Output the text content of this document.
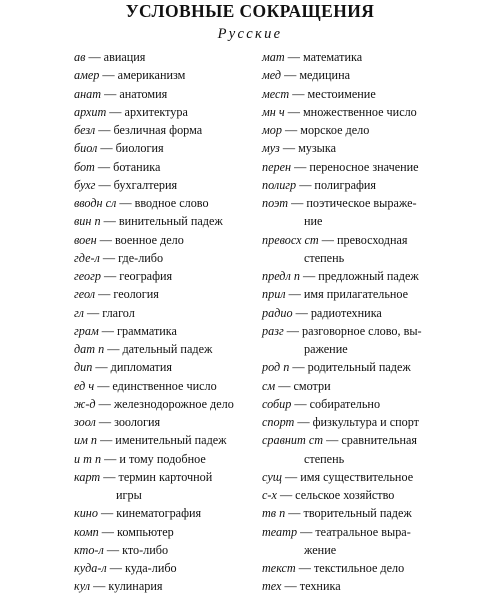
УСЛОВНЫЕ СОКРАЩЕНИЯ
Русские
ав — авиация
амер — американизм
анат — анатомия
архит — архитектура
безл — безличная форма
биол — биология
бот — ботаника
бухг — бухгалтерия
вводн сл — вводное слово
вин п — винительный падеж
воен — военное дело
где-л — где-либо
геогр — география
геол — геология
гл — глагол
грам — грамматика
дат п — дательный падеж
дип — дипломатия
ед ч — единственное число
ж-д — железнодорожное дело
зоол — зоология
им п — именительный падеж
и т п — и тому подобное
карт — термин карточной
игры
кино — кинематография
комп — компьютер
кто-л — кто-либо
куда-л — куда-либо
кул — кулинария
мат — математика
мед — медицина
мест — местоимение
мн ч — множественное число
мор — морское дело
муз — музыка
перен — переносное значение
полигр — полиграфия
поэт — поэтическое выраже-
ние
превосх ст — превосходная
степень
предл п — предложный падеж
прил — имя прилагательное
радио — радиотехника
разг — разговорное слово, вы-
ражение
род п — родительный падеж
см — смотри
собир — собирательно
спорт — физкультура и спорт
сравнит ст — сравнительная
степень
сущ — имя существительное
с-х — сельское хозяйство
тв п — творительный падеж
театр — театральное выра-
жение
текст — текстильное дело
тех — техника
